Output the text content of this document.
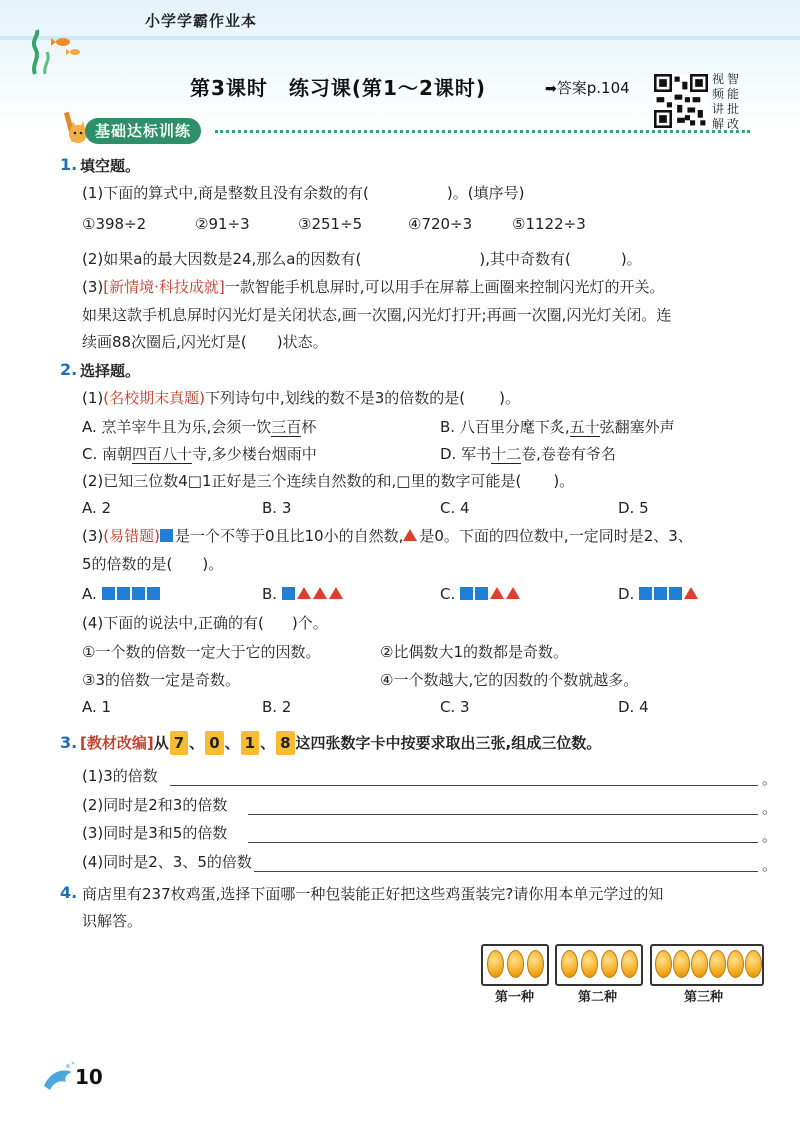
小学学霸作业本
第3课时　练习课(第1～2课时)	➡答案p.104	视
频
讲
解
智
能
批
改
基础达标训练
1. 填空题。
(1)下面的算式中,商是整数且没有余数的有(	)。(填序号)
①398÷2	②91÷3	③251÷5	④720÷3	⑤1122÷3
(2)如果a的最大因数是24,那么a的因数有(	),其中奇数有(	)。
(3)[新情境·科技成就]一款智能手机息屏时,可以用手在屏幕上画圈来控制闪光灯的开关。
如果这款手机息屏时闪光灯是关闭状态,画一次圈,闪光灯打开;再画一次圈,闪光灯关闭。连
续画88次圈后,闪光灯是( )状态。
2. 选择题。
(1)(名校期末真题)下列诗句中,划线的数不是3的倍数的是( )。
A. 烹羊宰牛且为乐,会须一饮三百杯	B. 八百里分麾下炙,五十弦翻塞外声
C. 南朝四百八十寺,多少楼台烟雨中	D. 军书十二卷,卷卷有爷名
(2)已知三位数4□1正好是三个连续自然数的和,□里的数字可能是( )。
A. 2	B. 3	C. 4	D. 5
(3)(易错题) 是一个不等于0且比10小的自然数, 是0。下面的四位数中,一定同时是2、3、
5的倍数的是( )。
A.	B.	C.	D.
(4)下面的说法中,正确的有( )个。
①一个数的倍数一定大于它的因数。	②比偶数大1的数都是奇数。
③3的倍数一定是奇数。	④一个数越大,它的因数的个数就越多。
A. 1	B. 2	C. 3	D. 4
3. [教材改编]从 7 、 0 、 1 、 8 这四张数字卡中按要求取出三张,组成三位数。
(1)3的倍数	。
(2)同时是2和3的倍数	。
(3)同时是3和5的倍数	。
(4)同时是2、3、5的倍数	。
4. 商店里有237枚鸡蛋,选择下面哪一种包装能正好把这些鸡蛋装完?请你用本单元学过的知
识解答。
第一种	第二种	第三种
10
